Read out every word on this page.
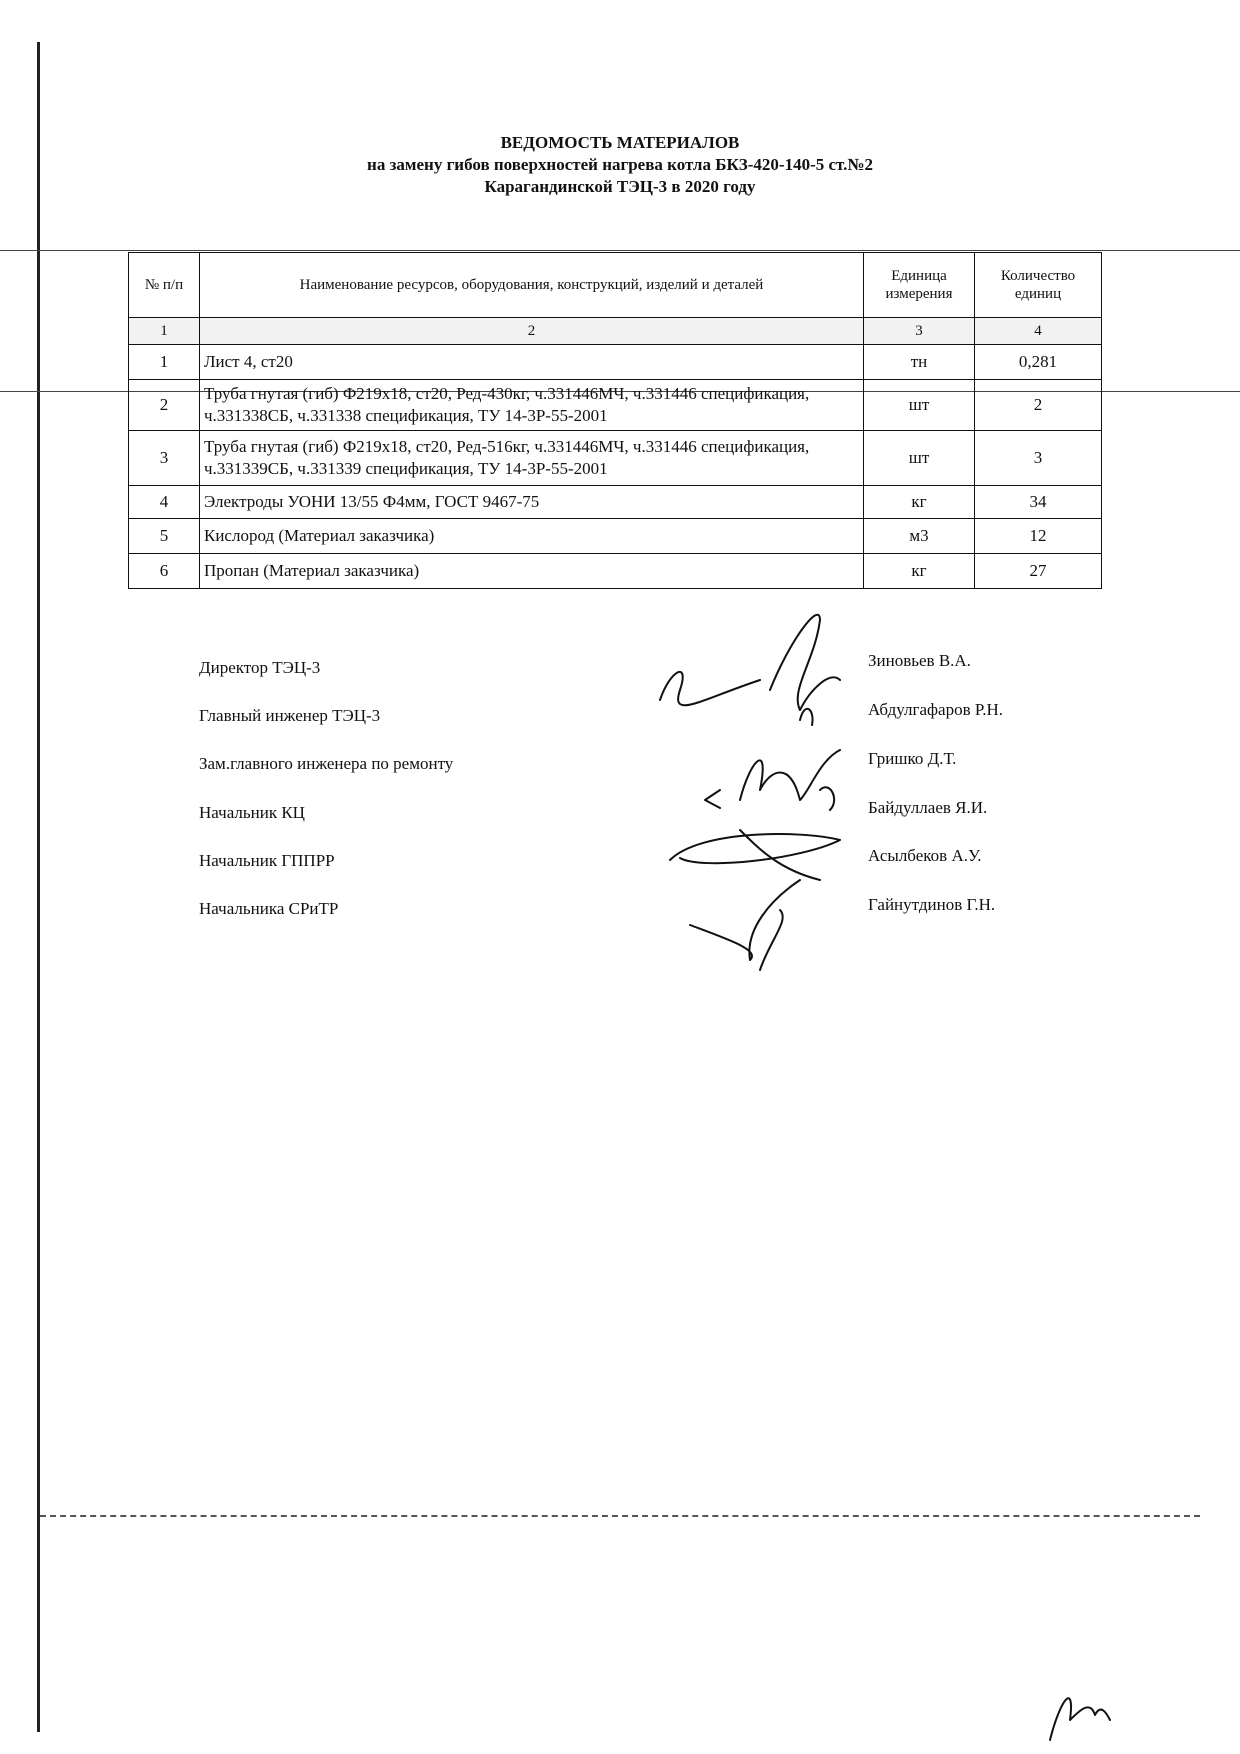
ВЕДОМОСТЬ МАТЕРИАЛОВ
на замену гибов поверхностей нагрева котла БКЗ-420-140-5 ст.№2
Карагандинской ТЭЦ-3 в 2020 году
№ п/п	Наименование ресурсов, оборудования, конструкций, изделий и деталей	Единица измерения	Количество единиц
1	2	3	4
1	Лист 4, ст20	тн	0,281
2	Труба гнутая (гиб) Ф219х18, ст20, Ред-430кг, ч.331446МЧ, ч.331446 спецификация, ч.331338СБ, ч.331338 спецификация, ТУ 14-3Р-55-2001	шт	2
3	Труба гнутая (гиб) Ф219х18, ст20, Ред-516кг, ч.331446МЧ, ч.331446 спецификация, ч.331339СБ, ч.331339 спецификация, ТУ 14-3Р-55-2001	шт	3
4	Электроды УОНИ 13/55 Ф4мм, ГОСТ 9467-75	кг	34
5	Кислород (Материал заказчика)	м3	12
6	Пропан (Материал заказчика)	кг	27
Директор ТЭЦ-3
Главный инженер ТЭЦ-3
Зам.главного инженера по ремонту
Начальник КЦ
Начальник ГППРР
Начальника СРиТР
Зиновьев В.А.
Абдулгафаров Р.Н.
Гришко Д.Т.
Байдуллаев Я.И.
Асылбеков А.У.
Гайнутдинов Г.Н.
